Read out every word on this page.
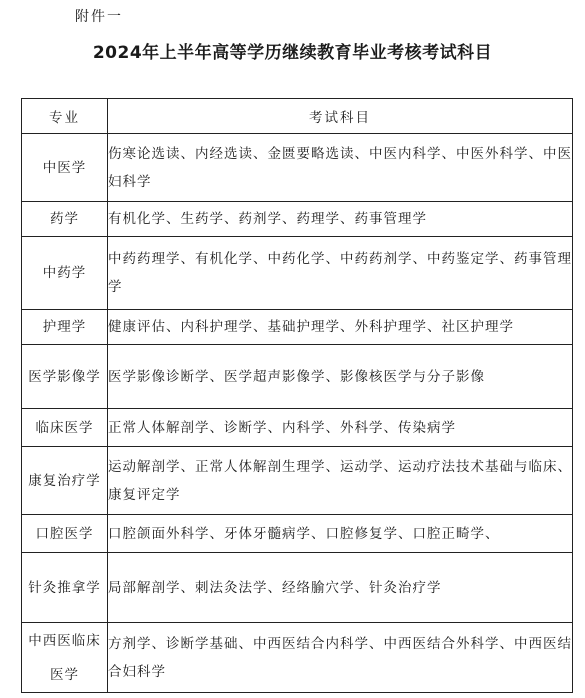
附件一
2024年上半年高等学历继续教育毕业考核考试科目
专业	考试科目
中医学	伤寒论选读、内经选读、金匮要略选读、中医内科学、中医外科学、中医妇科学
药学	有机化学、生药学、药剂学、药理学、药事管理学
中药学	中药药理学、有机化学、中药化学、中药药剂学、中药鉴定学、药事管理学
护理学	健康评估、内科护理学、基础护理学、外科护理学、社区护理学
医学影像学	医学影像诊断学、医学超声影像学、影像核医学与分子影像
临床医学	正常人体解剖学、诊断学、内科学、外科学、传染病学
康复治疗学	运动解剖学、正常人体解剖生理学、运动学、运动疗法技术基础与临床、康复评定学
口腔医学	口腔颌面外科学、牙体牙髓病学、口腔修复学、口腔正畸学、
针灸推拿学	局部解剖学、刺法灸法学、经络腧穴学、针灸治疗学
中西医临床医学	方剂学、诊断学基础、中西医结合内科学、中西医结合外科学、中西医结合妇科学
